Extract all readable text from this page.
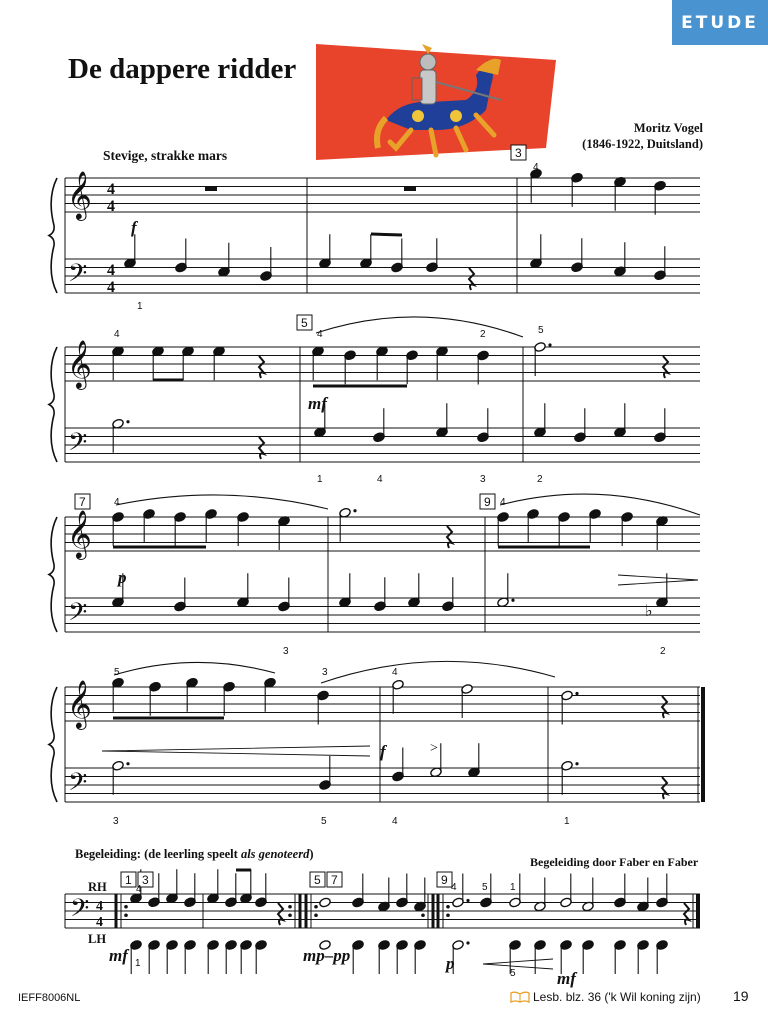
ETUDE
De dappere ridder
Moritz Vogel
(1846-1922, Duitsland)
Stevige, strakke mars
𝄞
𝄢
𝄞
𝄢
𝄞
𝄢
𝄞
𝄢
4
4
4
4
f
1
4
3
mf
4	4	2	5
1	4	3	2
5
♭
p
4	4
3	2
7	9
>
f
5	3	4
3	5	4	1
𝄢 4
4
1 3	5 7	9
mf	mp–pp	p
mf
4
1
4	5 1
5
Begeleiding: (de leerling speelt als genoteerd)
Begeleiding door Faber en Faber
RH
LH
IEFF8006NL	Lesb. blz. 36 ('k Wil koning zijn) 19
